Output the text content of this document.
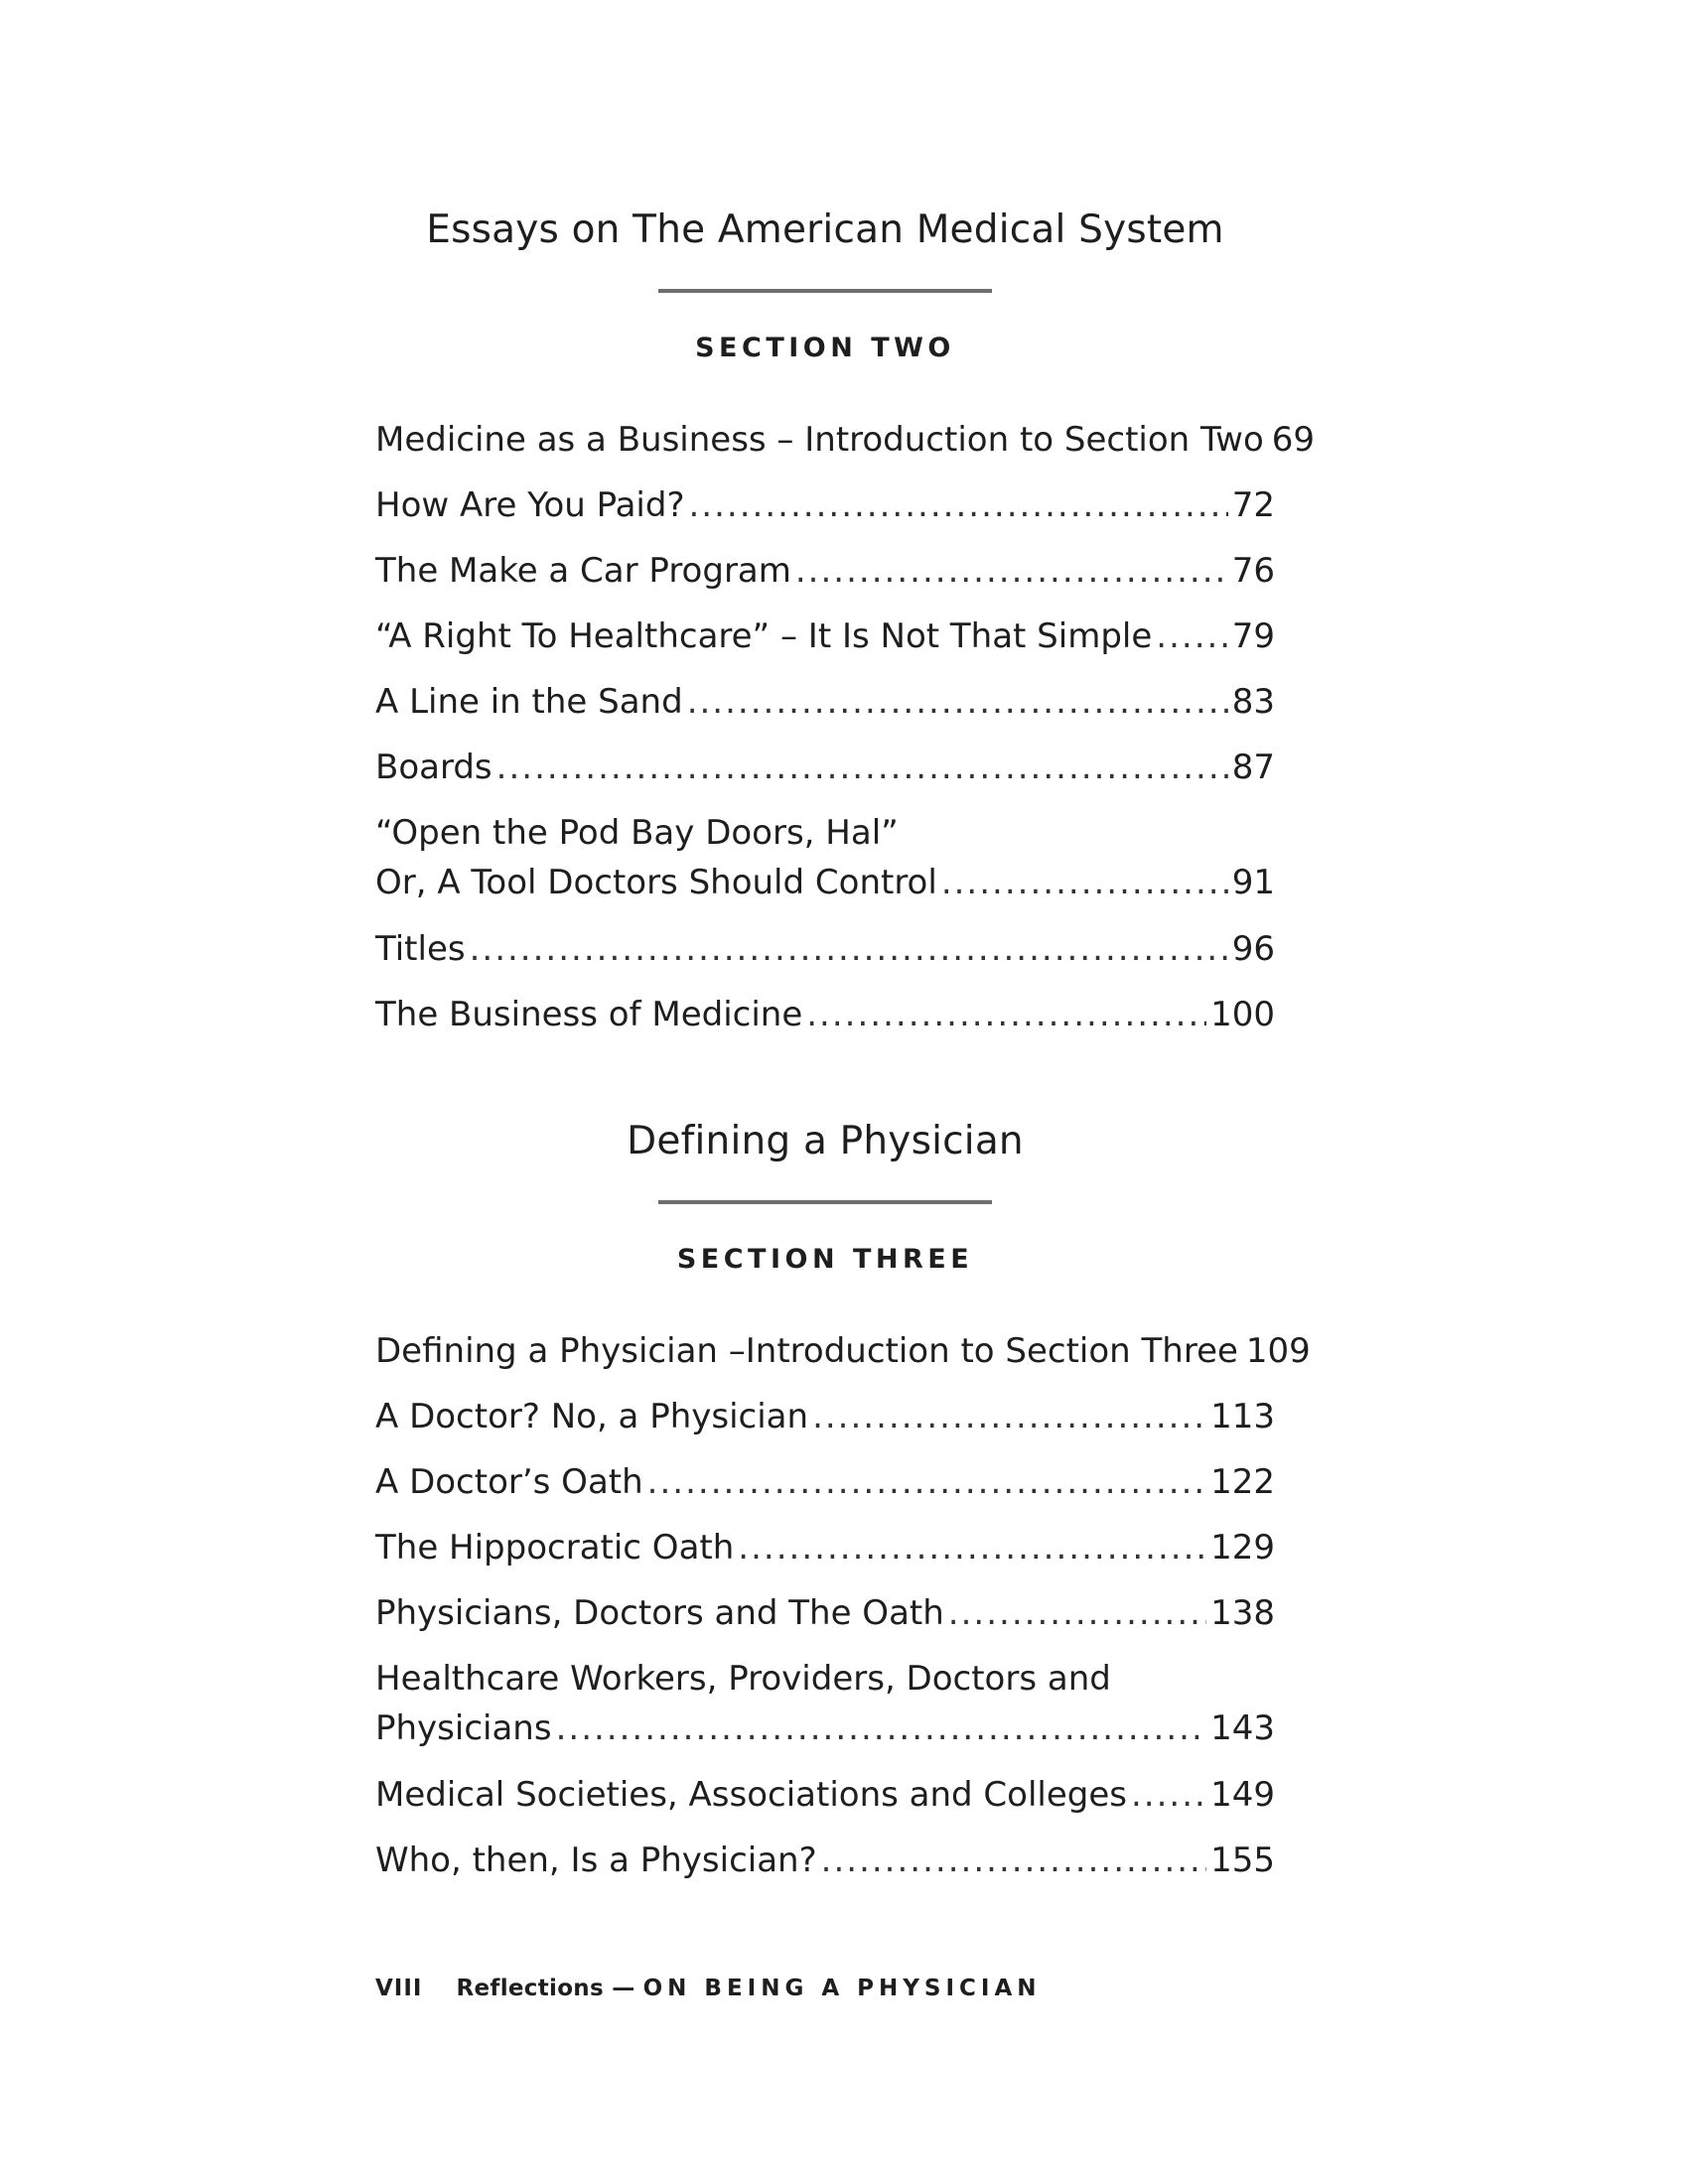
Essays on The American Medical System
SECTION TWO
Medicine as a Business – Introduction to Section Two 69
How Are You Paid? .....	72
The Make a Car Program .....	76
“A Right To Healthcare” – It Is Not That Simple ..... 79
A Line in the Sand .....	83
Boards .....	87
“Open the Pod Bay Doors, Hal”
Or, A Tool Doctors Should Control .....	91
Titles .....	96
The Business of Medicine .....	100
Defining a Physician
SECTION THREE
Defining a Physician –Introduction to Section Three 109
A Doctor? No, a Physician .....	113
A Doctor’s Oath .....	122
The Hippocratic Oath .....	129
Physicians, Doctors and The Oath .....	138
Healthcare Workers, Providers, Doctors and
Physicians .....	143
Medical Societies, Associations and Colleges ..... 149
Who, then, Is a Physician? .....	155
VIII Reflections — ON BEING A PHYSICIAN
